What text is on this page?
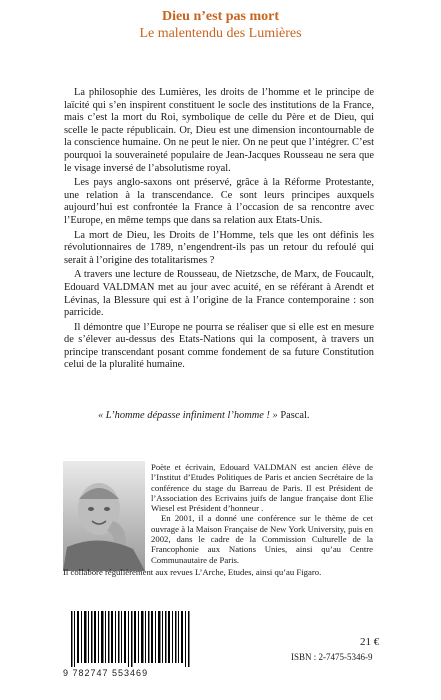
Dieu n’est pas mort
Le malentendu des Lumières

La philosophie des Lumières, les droits de l’homme et le principe de laïcité qui s’en inspirent constituent le socle des institutions de la France, mais c’est la mort du Roi, symbolique de celle du Père et de Dieu, qui scelle le pacte républicain. Or, Dieu est une dimension incontournable de la conscience humaine. On ne peut le nier. On ne peut que l’intégrer. C’est pourquoi la souveraineté populaire de Jean-Jacques Rousseau ne sera que le visage inversé de l’absolutisme royal.

Les pays anglo-saxons ont préservé, grâce à la Réforme Protestante, une relation à la transcendance. Ce sont leurs principes auxquels aujourd’hui est confrontée la France à l’occasion de sa rencontre avec l’Europe, en même temps que dans sa relation aux Etats-Unis.

La mort de Dieu, les Droits de l’Homme, tels que les ont définis les révolutionnaires de 1789, n’engendrent-ils pas un retour du refoulé qui serait à l’origine des totalitarismes ?

A travers une lecture de Rousseau, de Nietzsche, de Marx, de Foucault, Edouard VALDMAN met au jour avec acuité, en se référant à Arendt et Lévinas, la Blessure qui est à l’origine de la France contemporaine : son parricide.

Il démontre que l’Europe ne pourra se réaliser que si elle est en mesure de s’élever au-dessus des Etats-Nations qui la composent, à travers un principe transcendant posant comme fondement de sa future Constitution celui de la pluralité humaine.

« L’homme dépasse infiniment l’homme ! » Pascal.

Poète et écrivain, Edouard VALDMAN est ancien élève de l’Institut d’Etudes Politiques de Paris et ancien Secrétaire de la conférence du stage du Barreau de Paris. Il est Président de l’Association des Ecrivains juifs de langue française dont Elie Wiesel est Président d’honneur .

En 2001, il a donné une conférence sur le thème de cet ouvrage à la Maison Française de New York University, puis en 2002, dans le cadre de la Commission Culturelle de la Francophonie aux Nations Unies, ainsi qu’au Centre Communautaire de Paris.

Il collabore régulièrement aux revues L’Arche, Etudes, ainsi qu’au Figaro.

9 782747 553469
21 €
ISBN : 2-7475-5346-9
